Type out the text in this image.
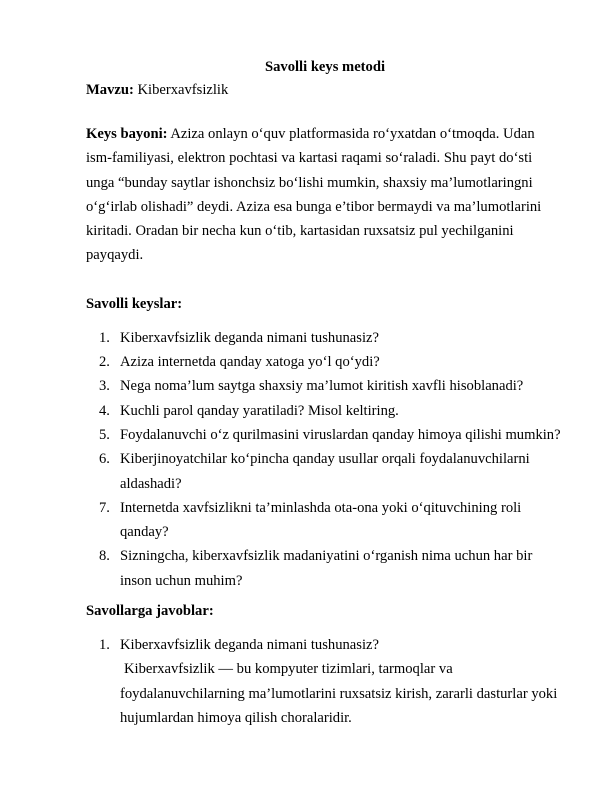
Savolli keys metodi

Mavzu: Kiberxavfsizlik

Keys bayoni: Aziza onlayn o‘quv platformasida ro‘yxatdan o‘tmoqda. Udan ism-familiyasi, elektron pochtasi va kartasi raqami so‘raladi. Shu payt do‘sti unga “bunday saytlar ishonchsiz bo‘lishi mumkin, shaxsiy ma’lumotlaringni o‘g‘irlab olishadi” deydi. Aziza esa bunga e’tibor bermaydi va ma’lumotlarini kiritadi. Oradan bir necha kun o‘tib, kartasidan ruxsatsiz pul yechilganini payqaydi.

Savolli keyslar:

1. Kiberxavfsizlik deganda nimani tushunasiz?
2. Aziza internetda qanday xatoga yo‘l qo‘ydi?
3. Nega noma’lum saytga shaxsiy ma’lumot kiritish xavfli hisoblanadi?
4. Kuchli parol qanday yaratiladi? Misol keltiring.
5. Foydalanuvchi o‘z qurilmasini viruslardan qanday himoya qilishi mumkin?
6. Kiberjinoyatchilar ko‘pincha qanday usullar orqali foydalanuvchilarni aldashadi?
7. Internetda xavfsizlikni ta’minlashda ota-ona yoki o‘qituvchining roli qanday?
8. Sizningcha, kiberxavfsizlik madaniyatini o‘rganish nima uchun har bir inson uchun muhim?

Savollarga javoblar:

1. Kiberxavfsizlik deganda nimani tushunasiz?
Kiberxavfsizlik — bu kompyuter tizimlari, tarmoqlar va foydalanuvchilarning ma’lumotlarini ruxsatsiz kirish, zararli dasturlar yoki hujumlardan himoya qilish choralaridir.
